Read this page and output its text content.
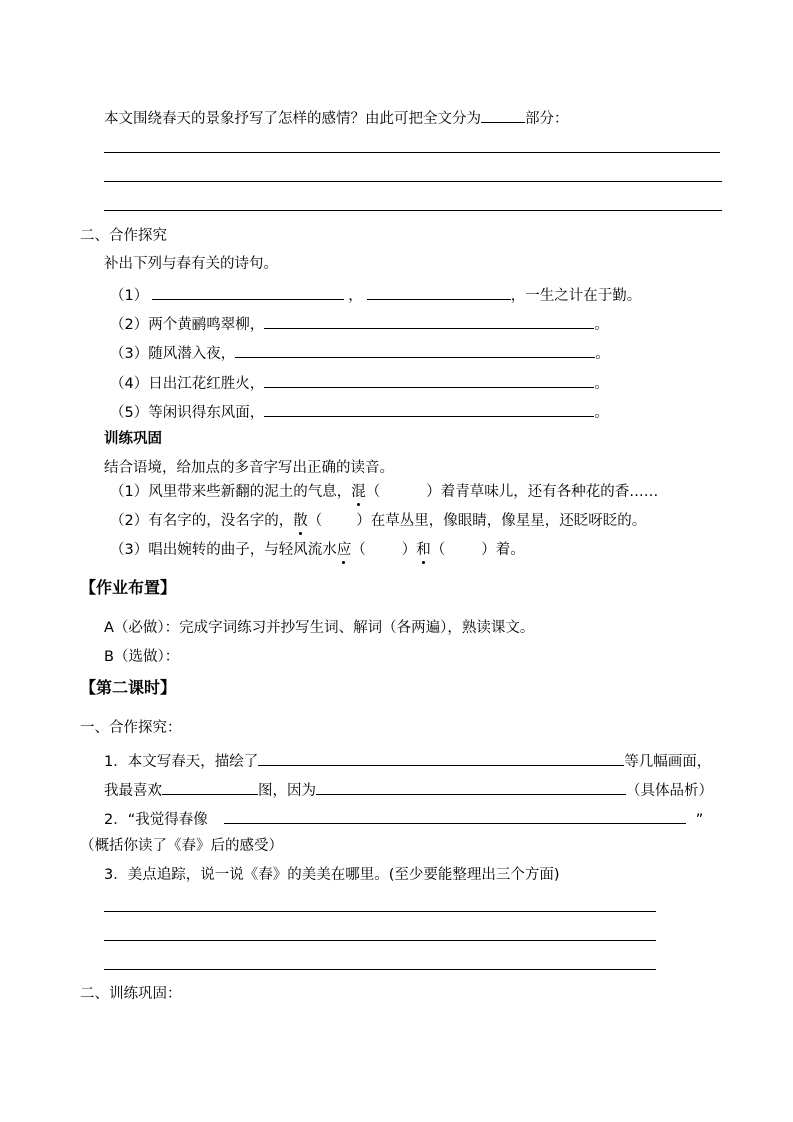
本文围绕春天的景象抒写了怎样的感情？由此可把全文分为	部分：
二、合作探究
补出下列与春有关的诗句。
（1）	，	，一生之计在于勤。
（2）两个黄鹂鸣翠柳，	。
（3）随风潜入夜，	。
（4）日出江花红胜火，	。
（5）等闲识得东风面，	。
训练巩固
结合语境，给加点的多音字写出正确的读音。
（1）风里带来些新翻的泥土的气息，混（	）着青草味儿，还有各种花的香……
（2）有名字的，没名字的，散（ ）在草丛里，像眼睛，像星星，还眨呀眨的。
（3）唱出婉转的曲子，与轻风流水应（ ）和（ ）着。
【作业布置】
A（必做）：完成字词练习并抄写生词、解词（各两遍），熟读课文。
B（选做）：
【第二课时】
一、合作探究：
1．本文写春天，描绘了	等几幅画面，
我最喜欢	图，因为	（具体品析）
2．“我觉得春像	”
（概括你读了《春》后的感受）
3．美点追踪，说一说《春》的美美在哪里。(至少要能整理出三个方面)
二、训练巩固：
